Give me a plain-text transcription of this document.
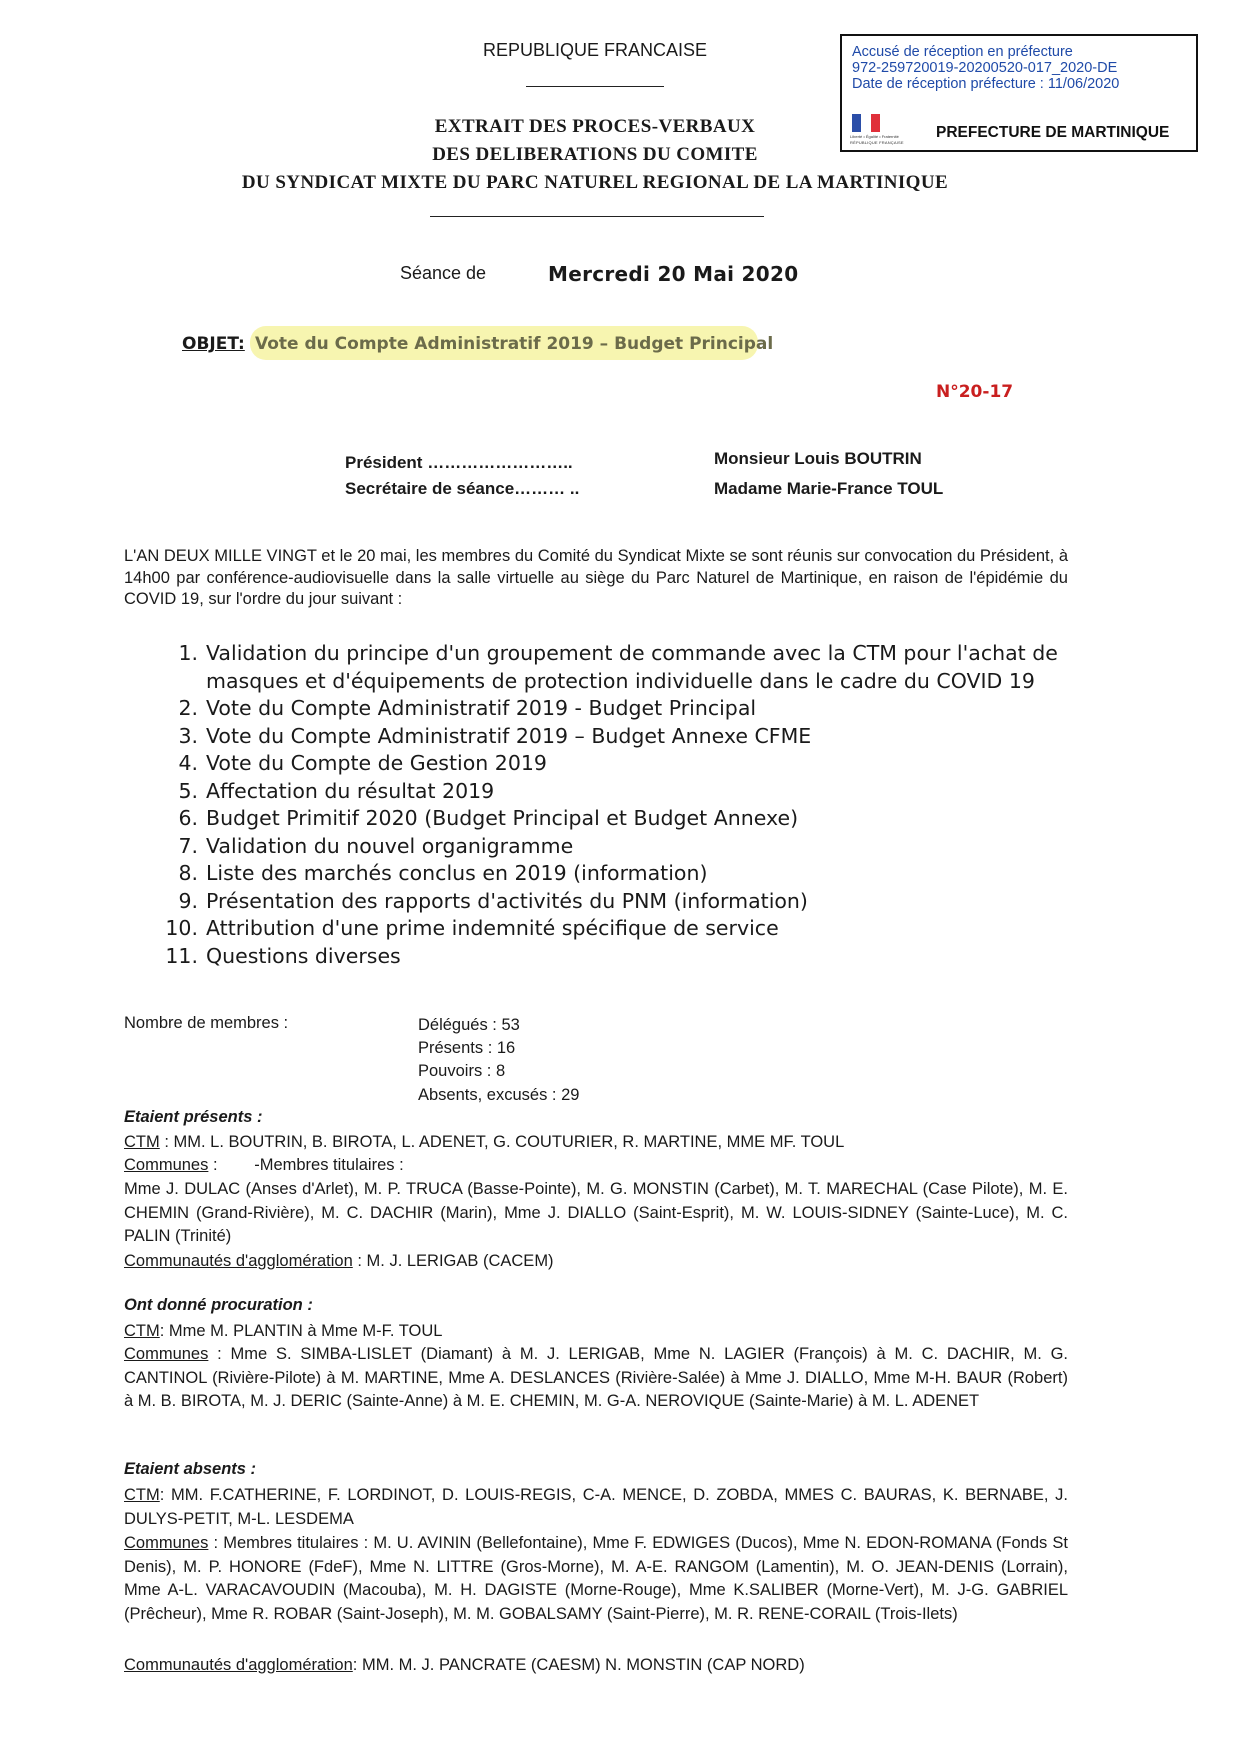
Accusé de réception en préfecture
972-259720019-20200520-017_2020-DE
Date de réception préfecture : 11/06/2020
Liberté • Égalité • Fraternité
RÉPUBLIQUE FRANÇAISE
PREFECTURE DE MARTINIQUE
REPUBLIQUE FRANCAISE
EXTRAIT DES PROCES-VERBAUX
DES DELIBERATIONS DU COMITE
DU SYNDICAT MIXTE DU PARC NATUREL REGIONAL DE LA MARTINIQUE
Séance de	Mercredi 20 Mai 2020
OBJET: Vote du Compte Administratif 2019 – Budget Principal
N°20-17
Président ……………………..
Secrétaire de séance……… ..
Monsieur Louis BOUTRIN
Madame Marie-France TOUL
L'AN DEUX MILLE VINGT et le 20 mai, les membres du Comité du Syndicat Mixte se sont réunis sur convocation du Président, à 14h00 par conférence-audiovisuelle dans la salle virtuelle au siège du Parc Naturel de Martinique, en raison de l'épidémie du COVID 19, sur l'ordre du jour suivant :
1. Validation du principe d'un groupement de commande avec la CTM pour l'achat de masques et d'équipements de protection individuelle dans le cadre du COVID 19
2. Vote du Compte Administratif 2019 - Budget Principal
3. Vote du Compte Administratif 2019 – Budget Annexe CFME
4. Vote du Compte de Gestion 2019
5. Affectation du résultat 2019
6. Budget Primitif 2020 (Budget Principal et Budget Annexe)
7. Validation du nouvel organigramme
8. Liste des marchés conclus en 2019 (information)
9. Présentation des rapports d'activités du PNM (information)
10. Attribution d'une prime indemnité spécifique de service
11. Questions diverses
Nombre de membres :	Délégués : 53
Présents : 16
Pouvoirs : 8
Absents, excusés : 29
Etaient présents :
CTM : MM. L. BOUTRIN, B. BIROTA, L. ADENET, G. COUTURIER, R. MARTINE, MME MF. TOUL
Communes :        -Membres titulaires :
Mme J. DULAC (Anses d'Arlet), M. P. TRUCA (Basse-Pointe), M. G. MONSTIN (Carbet), M. T. MARECHAL (Case Pilote), M. E. CHEMIN (Grand-Rivière), M. C. DACHIR (Marin), Mme J. DIALLO (Saint-Esprit), M. W. LOUIS-SIDNEY (Sainte-Luce), M. C. PALIN (Trinité)
Communautés d'agglomération : M. J. LERIGAB (CACEM)
Ont donné procuration :
CTM: Mme M. PLANTIN à Mme M-F. TOUL
Communes : Mme S. SIMBA-LISLET (Diamant) à M. J. LERIGAB, Mme N. LAGIER (François) à M. C. DACHIR, M. G. CANTINOL (Rivière-Pilote) à M. MARTINE, Mme A. DESLANCES (Rivière-Salée) à Mme J. DIALLO, Mme M-H. BAUR (Robert) à M. B. BIROTA, M. J. DERIC (Sainte-Anne) à M. E. CHEMIN, M. G-A. NEROVIQUE (Sainte-Marie) à M. L. ADENET
Etaient absents :
CTM: MM. F.CATHERINE, F. LORDINOT, D. LOUIS-REGIS, C-A. MENCE, D. ZOBDA, MMES C. BAURAS, K. BERNABE, J. DULYS-PETIT, M-L. LESDEMA
Communes : Membres titulaires : M. U. AVININ (Bellefontaine), Mme F. EDWIGES (Ducos), Mme N. EDON-ROMANA (Fonds St Denis), M. P. HONORE (FdeF), Mme N. LITTRE (Gros-Morne), M. A-E. RANGOM (Lamentin), M. O. JEAN-DENIS (Lorrain), Mme A-L. VARACAVOUDIN (Macouba), M. H. DAGISTE (Morne-Rouge), Mme K.SALIBER (Morne-Vert), M. J-G. GABRIEL (Prêcheur), Mme R. ROBAR (Saint-Joseph), M. M. GOBALSAMY (Saint-Pierre), M. R. RENE-CORAIL (Trois-Ilets)
Communautés d'agglomération: MM. M. J. PANCRATE (CAESM) N. MONSTIN (CAP NORD)
